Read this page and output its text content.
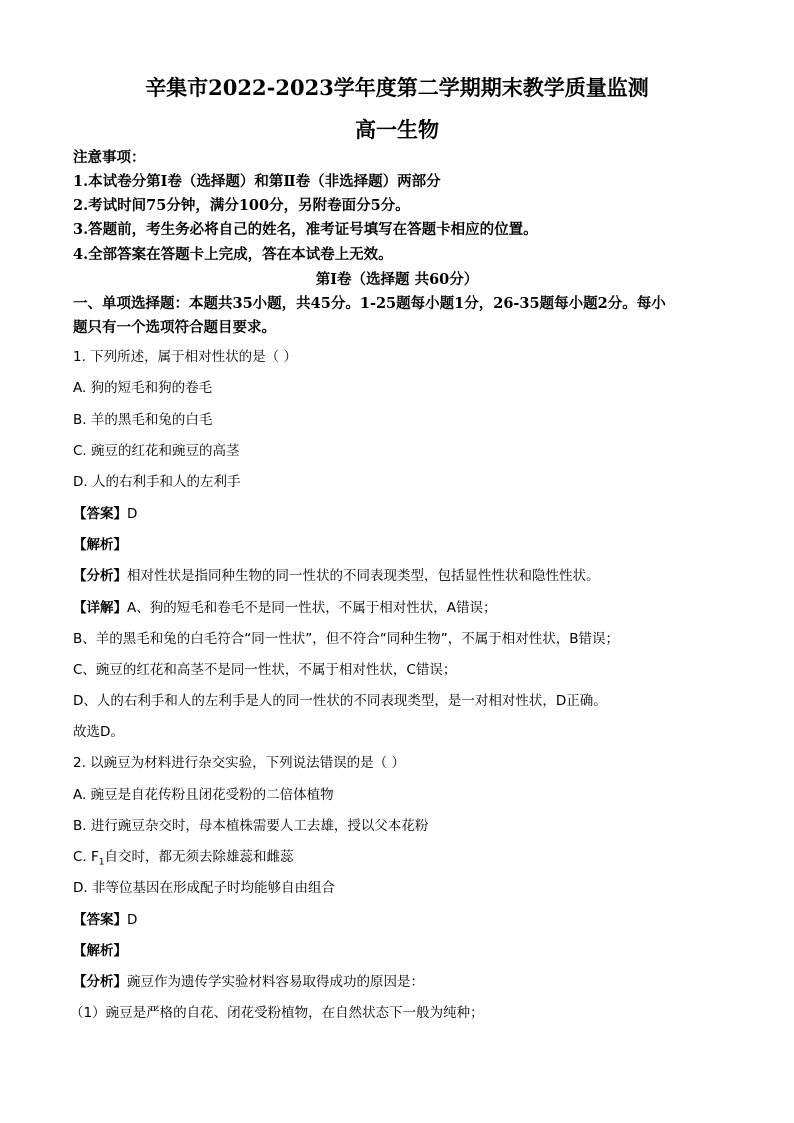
辛集市2022-2023学年度第二学期期末教学质量监测
高一生物
注意事项：
1.本试卷分第Ⅰ卷（选择题）和第Ⅱ卷（非选择题）两部分
2.考试时间75分钟，满分100分，另附卷面分5分。
3.答题前，考生务必将自己的姓名，准考证号填写在答题卡相应的位置。
4.全部答案在答题卡上完成，答在本试卷上无效。
第Ⅰ卷（选择题 共60分）
一、单项选择题：本题共35小题，共45分。1-25题每小题1分，26-35题每小题2分。每小
题只有一个选项符合题目要求。
1. 下列所述，属于相对性状的是（ ）
A. 狗的短毛和狗的卷毛
B. 羊的黑毛和兔的白毛
C. 豌豆的红花和豌豆的高茎
D. 人的右利手和人的左利手
【答案】D
【解析】
【分析】相对性状是指同种生物的同一性状的不同表现类型，包括显性性状和隐性性状。
【详解】A、狗的短毛和卷毛不是同一性状，不属于相对性状，A错误；
B、羊的黑毛和兔的白毛符合“同一性状”，但不符合“同种生物”，不属于相对性状，B错误；
C、豌豆的红花和高茎不是同一性状，不属于相对性状，C错误；
D、人的右利手和人的左利手是人的同一性状的不同表现类型，是一对相对性状，D正确。
故选D。
2. 以豌豆为材料进行杂交实验，下列说法错误的是（ ）
A. 豌豆是自花传粉且闭花受粉的二倍体植物
B. 进行豌豆杂交时，母本植株需要人工去雄，授以父本花粉
C. $F_1$自交时，都无须去除雄蕊和雌蕊
D. 非等位基因在形成配子时均能够自由组合
【答案】D
【解析】
【分析】豌豆作为遗传学实验材料容易取得成功的原因是：
（1）豌豆是严格的自花、闭花受粉植物，在自然状态下一般为纯种；
